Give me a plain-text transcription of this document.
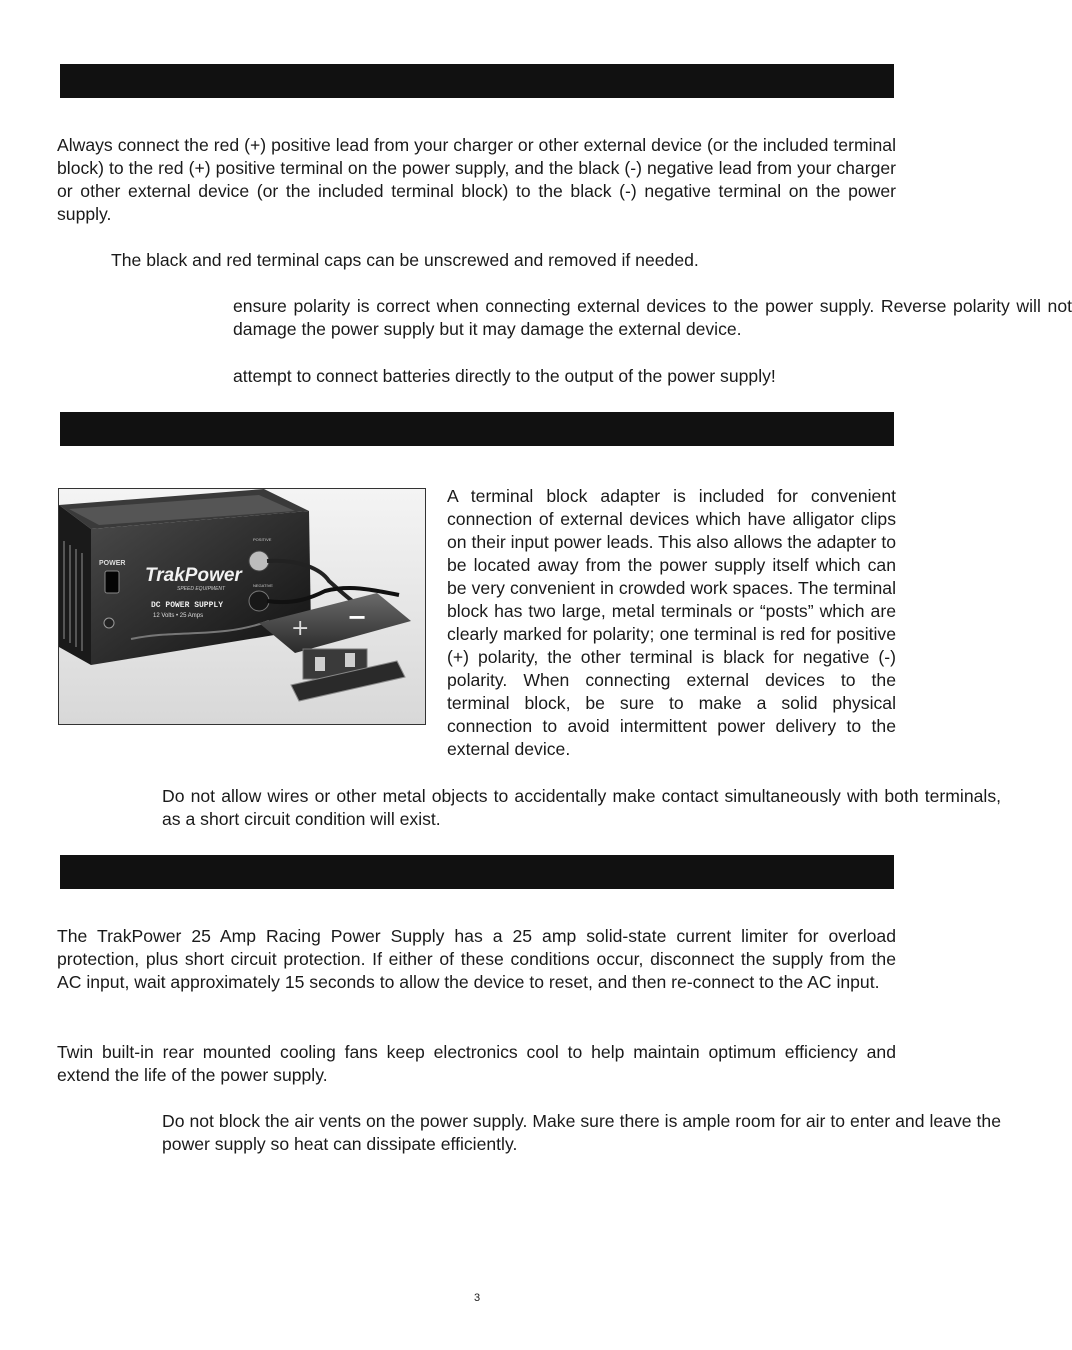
Always connect the red (+) positive lead from your charger or other external device (or the included terminal block) to the red (+) positive terminal on the power supply, and the black (-) negative lead from your charger or other external device (or the included terminal block) to the black (-) negative terminal on the power supply.

The black and red terminal caps can be unscrewed and removed if needed.

ensure polarity is correct when connecting external devices to the power supply. Reverse polarity will not damage the power supply but it may damage the external device.

attempt to connect batteries directly to the output of the power supply!

POWER
TrakPower
SPEED EQUIPMENT
DC POWER SUPPLY
12 Volts • 25 Amps
POSITIVE
NEGATIVE
+ −

A terminal block adapter is included for convenient connection of external devices which have alligator clips on their input power leads. This also allows the adapter to be located away from the power supply itself which can be very convenient in crowded work spaces. The terminal block has two large, metal terminals or “posts” which are clearly marked for polarity; one terminal is red for positive (+) polarity, the other terminal is black for negative (-) polarity. When connecting external devices to the terminal block, be sure to make a solid physical connection to avoid intermittent power delivery to the external device.

Do not allow wires or other metal objects to accidentally make contact simultaneously with both terminals, as a short circuit condition will exist.

The TrakPower 25 Amp Racing Power Supply has a 25 amp solid-state current limiter for overload protection, plus short circuit protection. If either of these conditions occur, disconnect the supply from the AC input, wait approximately 15 seconds to allow the device to reset, and then re-connect to the AC input.

Twin built-in rear mounted cooling fans keep electronics cool to help maintain optimum efficiency and extend the life of the power supply.

Do not block the air vents on the power supply. Make sure there is ample room for air to enter and leave the power supply so heat can dissipate efficiently.

3
